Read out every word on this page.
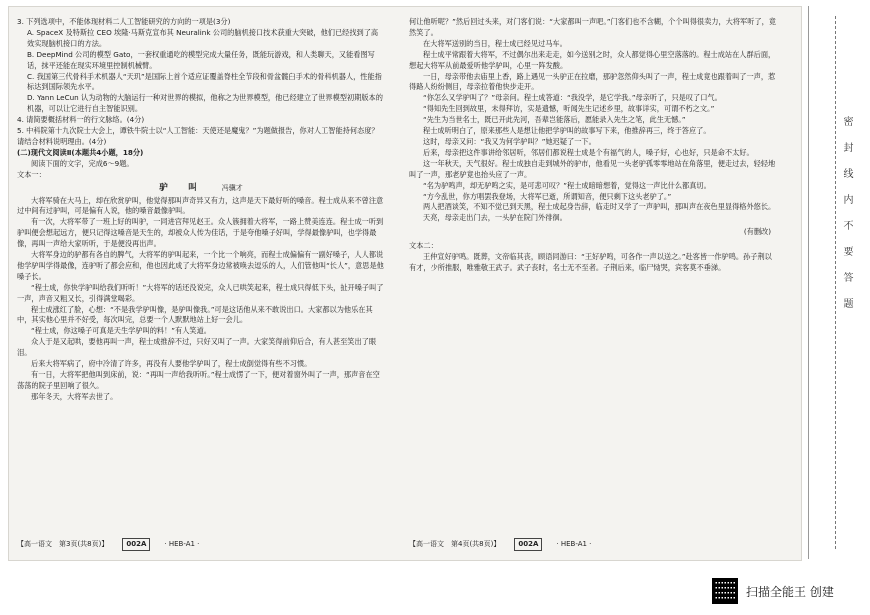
3. 下列选项中，不能体现材料二人工智能研究的方向的一项是(3分)

A. SpaceX 及特斯拉 CEO 埃隆·马斯克宣布其 Neuralink 公司的脑机接口技术获重大突破，他们已经找到了高效实现脑机接口的方法。

B. DeepMind 公司的模型 Gato，一套权重通吃的模型完成大量任务，既能玩游戏，和人类聊天，又能看图写话，抹平还能在现实环境里控制机械臂。

C. 我国第三代骨科手术机器人“天玑”是国际上首个适应证覆盖脊柱全节段和骨盆髋臼手术的骨科机器人，性能指标达到国际领先水平。

D. Yann LeCun 认为动物的大脑运行一种对世界的模拟，他称之为世界模型，他已经建立了世界模型初期版本的机器，可以让它进行自主智能识别。

4. 请简要概括材料一的行文脉络。(4分)

5. 中科院第十九次院士大会上，谭铁牛院士以“人工智能：天使还是魔鬼？”为题做报告，你对人工智能持何态度？请结合材料说明理由。(4分)

(二)现代文阅读Ⅱ(本题共4小题，18分)

阅读下面的文字，完成6～9题。

文本一：

驴　叫	冯骥才

大将军骑在大马上，却在欣赏驴叫，他觉得那叫声奇异又有力，这声是天下最好听的嗓音。程士成从来不曾注意过中间有过驴叫，可是偏有人说，他的嗓音最像驴叫。

有一次，大将军带了一班上好的叫驴，一同进宫拜见赵王。众人簇拥着大将军，一路上赞美连连。程士成一听到驴叫便会想起远方，便只记得这嗓音是天生的，却被众人传为佳话，于是夸他嗓子好叫，学得最像驴叫，也学得最像，再叫一声给大家听听，于是便没再出声。

大将军身边的驴都有各自的脾气，大将军的驴叫起来，一个比一个响亮，而程士成偏偏有一副好嗓子，人人都说他学驴叫学得最像，连驴听了都会应和，他也因此成了大将军身边常被唤去逗乐的人，人们管他叫“长人”，意思是他嗓子长。

“程士成，你快学驴叫给我们听听！”大将军的话还没说完，众人已哄笑起来，程士成只得低下头，扯开嗓子叫了一声，声音又粗又长，引得满堂喝彩。

程士成涨红了脸，心想：“不是我学驴叫像，是驴叫像我。”可是这话他从来不敢说出口。大家都以为他乐在其中，其实他心里并不好受，每次叫完，总要一个人默默地站上好一会儿。

“程士成，你这嗓子可真是天生学驴叫的料！”有人笑道。

众人于是又起哄，要他再叫一声，程士成推辞不过，只好又叫了一声。大家笑得前仰后合，有人甚至笑出了眼泪。

后来大将军病了，府中冷清了许多，再没有人要他学驴叫了，程士成倒觉得有些不习惯。

有一日，大将军把他叫到床前，说：“再叫一声给我听听。”程士成愣了一下，便对着窗外叫了一声，那声音在空荡荡的院子里回响了很久。

那年冬天，大将军去世了。

【高一语文　第3页(共8页)】	002A	· HEB-A1 ·

何让他听呢？”然后回过头来，对门客们说：“大家都叫一声吧。”门客们也不含糊，个个叫得很卖力，大将军听了，竟然笑了。

在大将军送别的当日，程士成已经见过马车。

程士成平常跟着大将军，不过偶尔出来走走，如今送别之时，众人都觉得心里空落落的。程士成站在人群后面，想起大将军从前最爱听他学驴叫，心里一阵发酸。

一日，母亲带他去庙里上香，路上遇见一头驴正在拉磨，那驴忽然仰头叫了一声，程士成竟也跟着叫了一声，惹得路人纷纷侧目，母亲拉着他快步走开。

“你怎么又学驴叫了？”母亲问。程士成答道：“我没学，是它学我。”母亲听了，只是叹了口气。

“得知先生回到故里，未得拜访，实是遗憾，听闻先生记述乡里，故事详实，可谓不朽之文。”

“先生为当世名士，既已开此先河，吾辈岂能落后，愿能录入先生之笔，此生无憾。”

程士成听明白了，原来那些人是想让他把学驴叫的故事写下来，他推辞再三，终于答应了。

这时，母亲又问：“我又为何学驴叫？”她迟疑了一下。

后来，母亲把这件事讲给邻居听，邻居们都说程士成是个有福气的人，嗓子好，心也好，只是命不太好。

这一年秋天，天气很好。程士成独自走到城外的驴市，他看见一头老驴孤零零地站在角落里，便走过去，轻轻地叫了一声，那老驴竟也抬头应了一声。

“名为驴鸣声，却无驴鸣之实，是可悲可叹？”程士成暗暗想着，觉得这一声比什么都真切。

“方今乱世，你方唱罢我登场，大将军已逝，所谓知音，便只剩下这头老驴了。”

两人把酒谈笑，不知不觉已到天黑，程士成起身告辞，临走时又学了一声驴叫，那叫声在夜色里显得格外悠长。

天亮，母亲走出门去，一头驴在院门外徘徊。

(有删改)

文本二：

王仲宣好驴鸣。既葬，文帝临其丧，顾语同游曰：“王好驴鸣，可各作一声以送之。”赴客皆一作驴鸣。孙子荆以有才，少所推服，唯雅敬王武子。武子丧时，名士无不至者。子荆后来，临尸恸哭，宾客莫不垂涕。

【高一语文　第4页(共8页)】	002A	· HEB-A1 ·
密封线内不要答题
扫描全能王 创建
